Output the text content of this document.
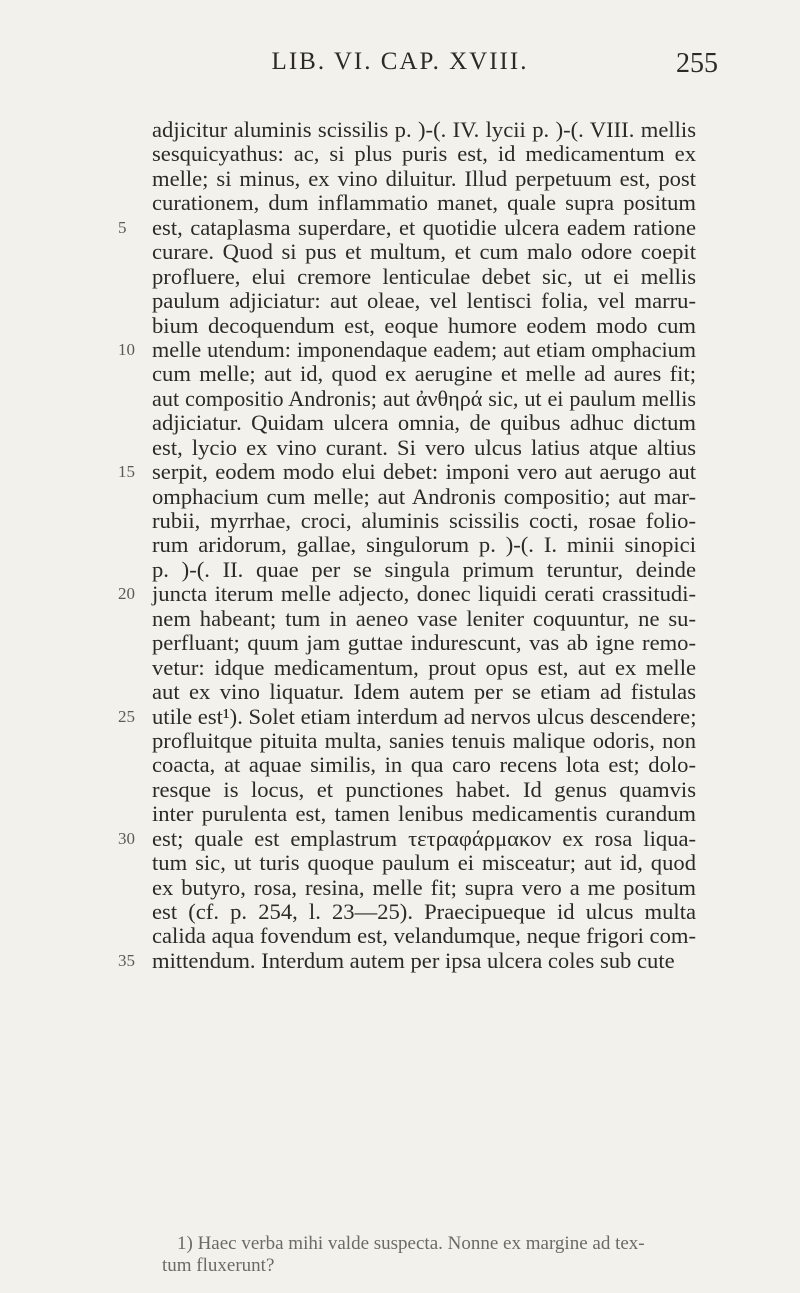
LIB. VI. CAP. XVIII.	255
adjicitur aluminis scissilis p. )-(. IV. lycii p. )-(. VIII. mellis
sesquicyathus: ac, si plus puris est, id medicamentum ex
melle; si minus, ex vino diluitur. Illud perpetuum est, post
curationem, dum inflammatio manet, quale supra positum
5	est, cataplasma superdare, et quotidie ulcera eadem ratione
curare. Quod si pus et multum, et cum malo odore coepit
profluere, elui cremore lenticulae debet sic, ut ei mellis
paulum adjiciatur: aut oleae, vel lentisci folia, vel marru-
bium decoquendum est, eoque humore eodem modo cum
10 melle utendum: imponendaque eadem; aut etiam omphacium
cum melle; aut id, quod ex aerugine et melle ad aures fit;
aut compositio Andronis; aut ἀνθηρά sic, ut ei paulum mellis
adjiciatur. Quidam ulcera omnia, de quibus adhuc dictum
est, lycio ex vino curant. Si vero ulcus latius atque altius
15 serpit, eodem modo elui debet: imponi vero aut aerugo aut
omphacium cum melle; aut Andronis compositio; aut mar-
rubii, myrrhae, croci, aluminis scissilis cocti, rosae folio-
rum aridorum, gallae, singulorum p. )-(. I. minii sinopici
p. )-(. II. quae per se singula primum teruntur, deinde
20 juncta iterum melle adjecto, donec liquidi cerati crassitudi-
nem habeant; tum in aeneo vase leniter coquuntur, ne su-
perfluant; quum jam guttae indurescunt, vas ab igne remo-
vetur: idque medicamentum, prout opus est, aut ex melle
aut ex vino liquatur. Idem autem per se etiam ad fistulas
25 utile est¹). Solet etiam interdum ad nervos ulcus descendere;
profluitque pituita multa, sanies tenuis malique odoris, non
coacta, at aquae similis, in qua caro recens lota est; dolo-
resque is locus, et punctiones habet. Id genus quamvis
inter purulenta est, tamen lenibus medicamentis curandum
30 est; quale est emplastrum τετραφάρμακον ex rosa liqua-
tum sic, ut turis quoque paulum ei misceatur; aut id, quod
ex butyro, rosa, resina, melle fit; supra vero a me positum
est (cf. p. 254, l. 23—25). Praecipueque id ulcus multa
calida aqua fovendum est, velandumque, neque frigori com-
35 mittendum. Interdum autem per ipsa ulcera coles sub cute
1) Haec verba mihi valde suspecta. Nonne ex margine ad tex-
tum fluxerunt?
